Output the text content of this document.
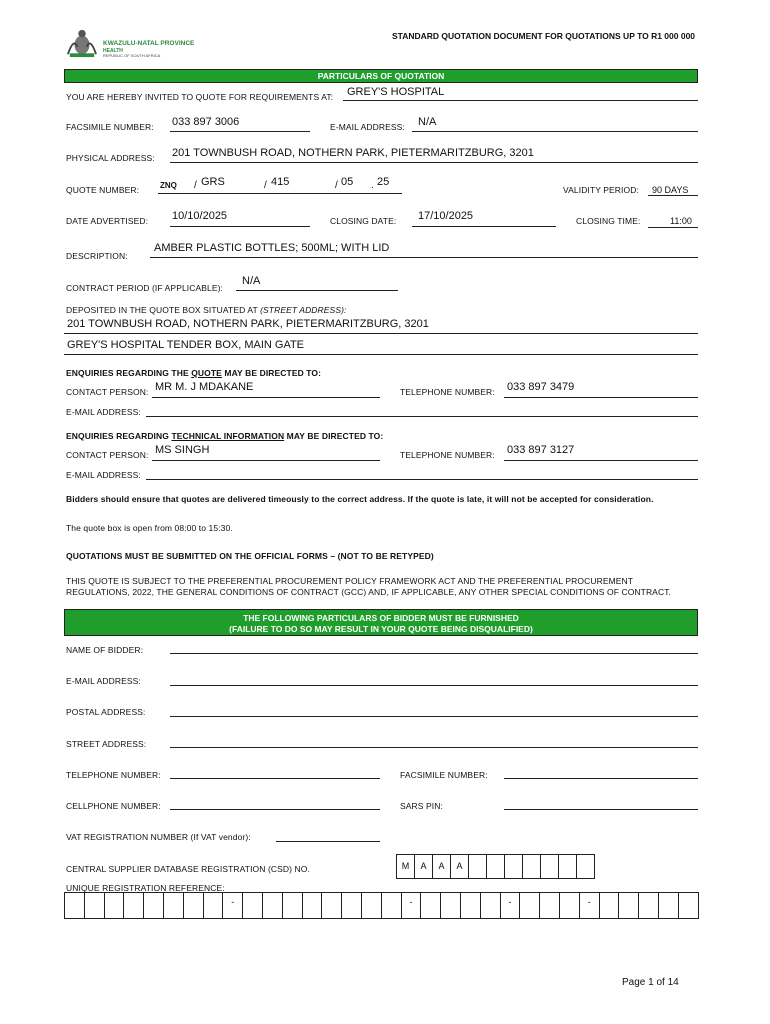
STANDARD QUOTATION DOCUMENT FOR QUOTATIONS UP TO R1 000 000
KWAZULU-NATAL PROVINCE
HEALTH
REPUBLIC OF SOUTH AFRICA
PARTICULARS OF QUOTATION
YOU ARE HEREBY INVITED TO QUOTE FOR REQUIREMENTS AT: GREY'S HOSPITAL
FACSIMILE NUMBER: 033 897 3006	E-MAIL ADDRESS: N/A
PHYSICAL ADDRESS: 201 TOWNBUSH ROAD, NOTHERN PARK, PIETERMARITZBURG, 3201
QUOTE NUMBER:	ZNQ / GRS	/ 415	/ 05 . 25
VALIDITY PERIOD: 90 DAYS
DATE ADVERTISED: 10/10/2025	CLOSING DATE: 17/10/2025	CLOSING TIME:	11:00
DESCRIPTION:
AMBER PLASTIC BOTTLES; 500ML; WITH LID
CONTRACT PERIOD (IF APPLICABLE):
N/A
DEPOSITED IN THE QUOTE BOX SITUATED AT (STREET ADDRESS):
201 TOWNBUSH ROAD, NOTHERN PARK, PIETERMARITZBURG, 3201
GREY'S HOSPITAL TENDER BOX, MAIN GATE
ENQUIRIES REGARDING THE QUOTE MAY BE DIRECTED TO:
CONTACT PERSON: MR M. J MDAKANE	TELEPHONE NUMBER: 033 897 3479
E-MAIL ADDRESS:
ENQUIRIES REGARDING TECHNICAL INFORMATION MAY BE DIRECTED TO:
CONTACT PERSON: MS SINGH	TELEPHONE NUMBER: 033 897 3127
E-MAIL ADDRESS:
Bidders should ensure that quotes are delivered timeously to the correct address. If the quote is late, it will not be accepted for consideration.
The quote box is open from 08:00 to 15:30.
QUOTATIONS MUST BE SUBMITTED ON THE OFFICIAL FORMS – (NOT TO BE RETYPED)
THIS QUOTE IS SUBJECT TO THE PREFERENTIAL PROCUREMENT POLICY FRAMEWORK ACT AND THE PREFERENTIAL PROCUREMENT
REGULATIONS, 2022, THE GENERAL CONDITIONS OF CONTRACT (GCC) AND, IF APPLICABLE, ANY OTHER SPECIAL CONDITIONS OF CONTRACT.
THE FOLLOWING PARTICULARS OF BIDDER MUST BE FURNISHED
(FAILURE TO DO SO MAY RESULT IN YOUR QUOTE BEING DISQUALIFIED)
NAME OF BIDDER:
E-MAIL ADDRESS:
POSTAL ADDRESS:
STREET ADDRESS:
TELEPHONE NUMBER:	FACSIMILE NUMBER:
CELLPHONE NUMBER:	SARS PIN:
VAT REGISTRATION NUMBER (If VAT vendor):
CENTRAL SUPPLIER DATABASE REGISTRATION (CSD) NO.	M	A	A	A
UNIQUE REGISTRATION REFERENCE:
-	-	-	-
Page 1 of 14
